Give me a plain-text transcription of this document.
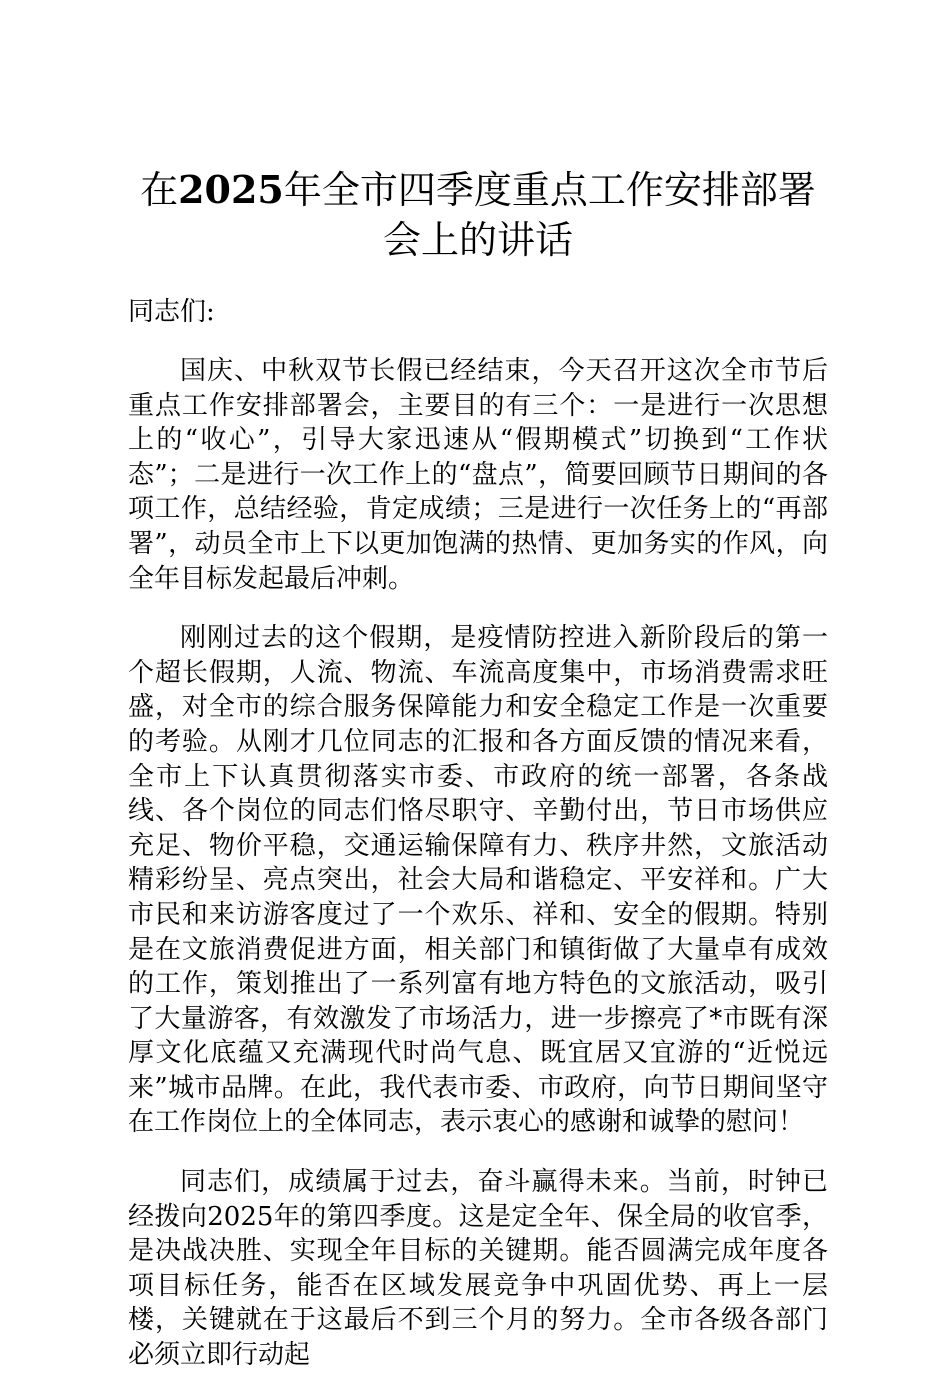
在2025年全市四季度重点工作安排部署会上的讲话
同志们:

国庆、中秋双节长假已经结束，今天召开这次全市节后重点工作安排部署会，主要目的有三个：一是进行一次思想上的“收心”，引导大家迅速从“假期模式”切换到“工作状态”；二是进行一次工作上的“盘点”，简要回顾节日期间的各项工作，总结经验，肯定成绩；三是进行一次任务上的“再部署”，动员全市上下以更加饱满的热情、更加务实的作风，向全年目标发起最后冲刺。

刚刚过去的这个假期，是疫情防控进入新阶段后的第一个超长假期，人流、物流、车流高度集中，市场消费需求旺盛，对全市的综合服务保障能力和安全稳定工作是一次重要的考验。从刚才几位同志的汇报和各方面反馈的情况来看，全市上下认真贯彻落实市委、市政府的统一部署，各条战线、各个岗位的同志们恪尽职守、辛勤付出，节日市场供应充足、物价平稳，交通运输保障有力、秩序井然，文旅活动精彩纷呈、亮点突出，社会大局和谐稳定、平安祥和。广大市民和来访游客度过了一个欢乐、祥和、安全的假期。特别是在文旅消费促进方面，相关部门和镇街做了大量卓有成效的工作，策划推出了一系列富有地方特色的文旅活动，吸引了大量游客，有效激发了市场活力，进一步擦亮了*市既有深厚文化底蕴又充满现代时尚气息、既宜居又宜游的“近悦远来”城市品牌。在此，我代表市委、市政府，向节日期间坚守在工作岗位上的全体同志，表示衷心的感谢和诚挚的慰问！

同志们，成绩属于过去，奋斗赢得未来。当前，时钟已经拨向2025年的第四季度。这是定全年、保全局的收官季，是决战决胜、实现全年目标的关键期。能否圆满完成年度各项目标任务，能否在区域发展竞争中巩固优势、再上一层楼，关键就在于这最后不到三个月的努力。全市各级各部门必须立即行动起
